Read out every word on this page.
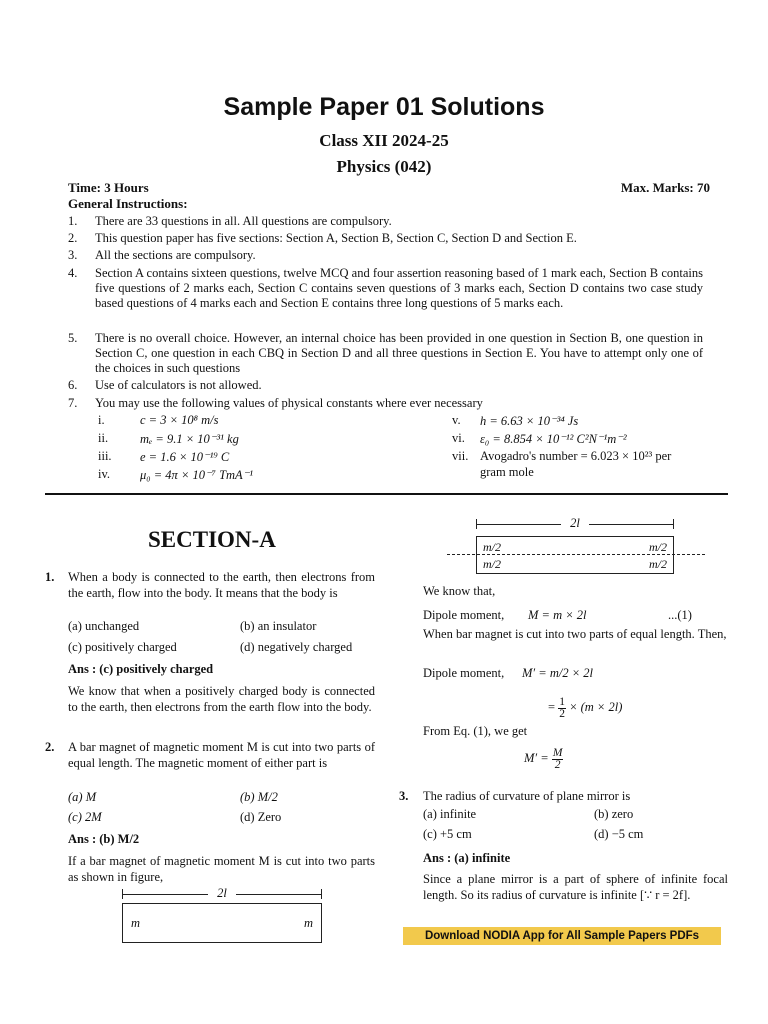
Sample Paper 01 Solutions
Class XII 2024-25
Physics (042)
Time: 3 Hours	Max. Marks: 70
General Instructions:
1.	There are 33 questions in all. All questions are compulsory.
2.	This question paper has five sections: Section A, Section B, Section C, Section D and Section E.
3.	All the sections are compulsory.
4.	Section A contains sixteen questions, twelve MCQ and four assertion reasoning based of 1 mark each, Section B contains five questions of 2 marks each, Section C contains seven questions of 3 marks each, Section D contains two case study based questions of 4 marks each and Section E contains three long questions of 5 marks each.
5.	There is no overall choice. However, an internal choice has been provided in one question in Section B, one question in Section C, one question in each CBQ in Section D and all three questions in Section E. You have to attempt only one of the choices in such questions
6.	Use of calculators is not allowed.
7.	You may use the following values of physical constants where ever necessary
i.	c = 3 × 10⁸ m/s
ii.	mₑ = 9.1 × 10⁻³¹ kg
iii. e = 1.6 × 10⁻¹⁹ C
iv. μ₀ = 4π × 10⁻⁷ TmA⁻¹
v. h = 6.63 × 10⁻³⁴ Js
vi. ε₀ = 8.854 × 10⁻¹² C²N⁻¹m⁻²
vii. Avogadro's number = 6.023 × 10²³ per
gram mole
SECTION-A
1. When a body is connected to the earth, then electrons from the earth, flow into the body. It means that the body is
(a) unchanged	(b) an insulator
(c) positively charged	(d) negatively charged
Ans : (c) positively charged
We know that when a positively charged body is connected to the earth, then electrons from the earth flow into the body.
2. A bar magnet of magnetic moment M is cut into two parts of equal length. The magnetic moment of either part is
(a) M	(b) M/2
(c) 2M	(d) Zero
Ans : (b) M/2
If a bar magnet of magnetic moment M is cut into two parts as shown in figure,
2l
m	m
2l
m/2	m/2
m/2	m/2
We know that,
Dipole moment, M = m × 2l	...(1)
When bar magnet is cut into two parts of equal length. Then,
Dipole moment, M′ = m/2 × 2l
= $\frac{1}{2} \times (m \times 2l)$
From Eq. (1), we get
$M' = \frac{M}{2}$
3. The radius of curvature of plane mirror is
(a) infinite	(b) zero
(c) +5 cm	(d) −5 cm
Ans : (a) infinite
Since a plane mirror is a part of sphere of infinite focal length. So its radius of curvature is infinite [∵ r = 2f].
Download NODIA App for All Sample Papers PDFs
